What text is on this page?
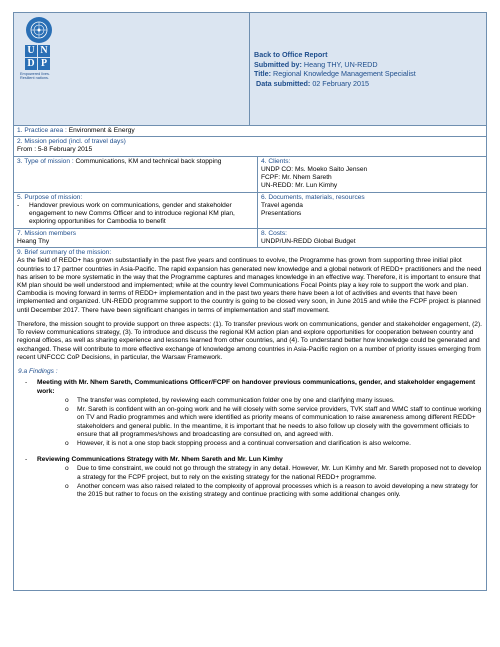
U N
D P
Empowered lives. Resilient nations.
Back to Office Report
Submitted by: Heang THY, UN-REDD
Title: Regional Knowledge Management Specialist
Data submitted: 02 February 2015
1. Practice area : Environment & Energy
2. Mission period (incl. of travel days)
From : 5-8 February 2015
3. Type of mission : Communications, KM and technical back stopping	4. Clients:
UNDP CO: Ms. Moeko Saito Jensen
FCPF: Mr. Nhem Sareth
UN-REDD: Mr. Lun Kimhy
5. Purpose of mission:
-	Handover previous work on communications, gender and stakeholder engagement to new Comms Officer and to introduce regional KM plan, exploring opportunities for Cambodia to benefit
6. Documents, materials, resources
Travel agenda
Presentations
7. Mission members
Heang Thy
8. Costs:
UNDP/UN-REDD Global Budget
9. Brief summary of the mission:

As the field of REDD+ has grown substantially in the past five years and continues to evolve, the Programme has grown from supporting three initial pilot countries to 17 partner countries in Asia-Pacific. The rapid expansion has generated new knowledge and a global network of REDD+ practitioners and the need has arisen to be more systematic in the way that the Programme captures and manages knowledge in an effective way. Therefore, it is important to ensure that KM plan should be well understood and implemented; while at the country level Communications Focal Points play a key role to support the work and plan. Cambodia is moving forward in terms of REDD+ implementation and in the past two years there have been a lot of activities and events that have been implemented and organized. UN-REDD programme support to the country is going to be closed very soon, in June 2015 and while the FCPF project is planned until December 2017. There have been significant changes in terms of implementation and staff movement.

Therefore, the mission sought to provide support on three aspects: (1). To transfer previous work on communications, gender and stakeholder engagement, (2). To review communications strategy, (3). To introduce and discuss the regional KM action plan and explore opportunities for cooperation between country and regional offices, as well as sharing experience and lessons learned from other countries, and (4). To understand better how knowledge could be generated and exchanged. These will contribute to more effective exchange of knowledge among countries in Asia-Pacific region on a number of priority issues emerging from recent UNFCCC CoP Decisions, in particular, the Warsaw Framework.

9.a Findings :
-	Meeting with Mr. Nhem Sareth, Communications Officer/FCPF on handover previous communications, gender, and stakeholder engagement work:
o	The transfer was completed, by reviewing each communication folder one by one and clarifying many issues.
o	Mr. Sareth is confident with an on-going work and he will closely with some service providers, TVK staff and WMC staff to continue working on TV and Radio programmes and which were identified as priority means of communication to raise awareness among different REDD+ stakeholders and general public. In the meantime, it is important that he needs to also follow up closely with the government officials to ensure that all programmes/shows and broadcasting are consulted on, and agreed with.
o	However, it is not a one stop back stopping process and a continual conversation and clarification is also welcome.
-	Reviewing Communications Strategy with Mr. Nhem Sareth and Mr. Lun Kimhy
o	Due to time constraint, we could not go through the strategy in any detail. However, Mr. Lun Kimhy and Mr. Sareth proposed not to develop a strategy for the FCPF project, but to rely on the existing strategy for the national REDD+ programme.
o	Another concern was also raised related to the complexity of approval processes which is a reason to avoid developing a new strategy for the 2015 but rather to focus on the existing strategy and continue practicing with some additional changes only.
